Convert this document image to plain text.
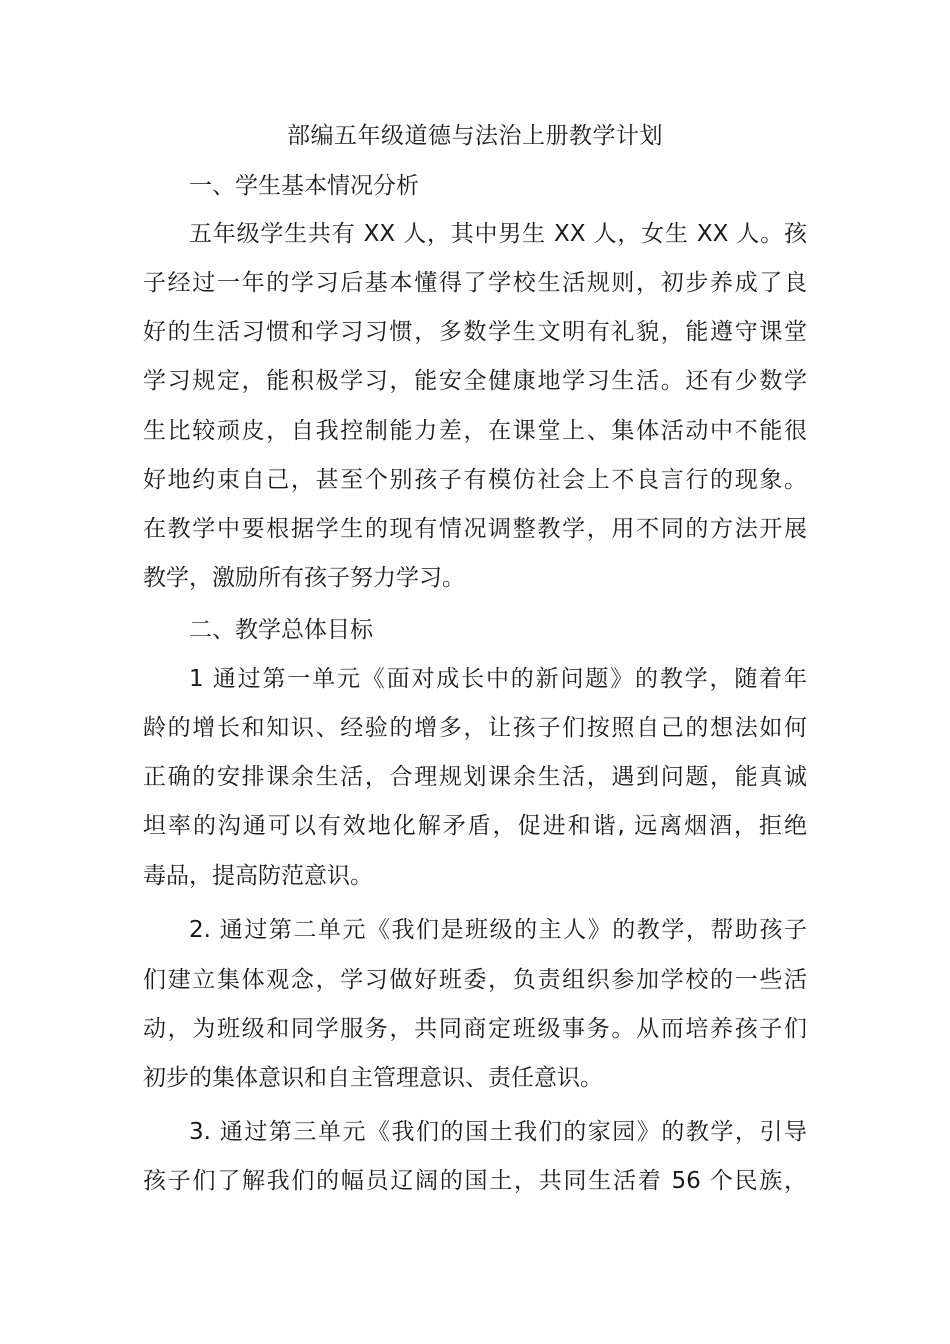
部编五年级道德与法治上册教学计划
一、学生基本情况分析
五年级学生共有 XX 人，其中男生 XX 人，女生 XX 人。孩
子经过一年的学习后基本懂得了学校生活规则，初步养成了良
好的生活习惯和学习习惯，多数学生文明有礼貌，能遵守课堂
学习规定，能积极学习，能安全健康地学习生活。还有少数学
生比较顽皮，自我控制能力差，在课堂上、集体活动中不能很
好地约束自己，甚至个别孩子有模仿社会上不良言行的现象。
在教学中要根据学生的现有情况调整教学，用不同的方法开展
教学，激励所有孩子努力学习。
二、教学总体目标
1 通过第一单元《面对成长中的新问题》的教学，随着年
龄的增长和知识、经验的增多，让孩子们按照自己的想法如何
正确的安排课余生活，合理规划课余生活，遇到问题，能真诚
坦率的沟通可以有效地化解矛盾，促进和谐, 远离烟酒，拒绝
毒品，提高防范意识。
2. 通过第二单元《我们是班级的主人》的教学，帮助孩子
们建立集体观念，学习做好班委，负责组织参加学校的一些活
动，为班级和同学服务，共同商定班级事务。从而培养孩子们
初步的集体意识和自主管理意识、责任意识。
3. 通过第三单元《我们的国土我们的家园》的教学，引导
孩子们了解我们的幅员辽阔的国土，共同生活着 56 个民族，
